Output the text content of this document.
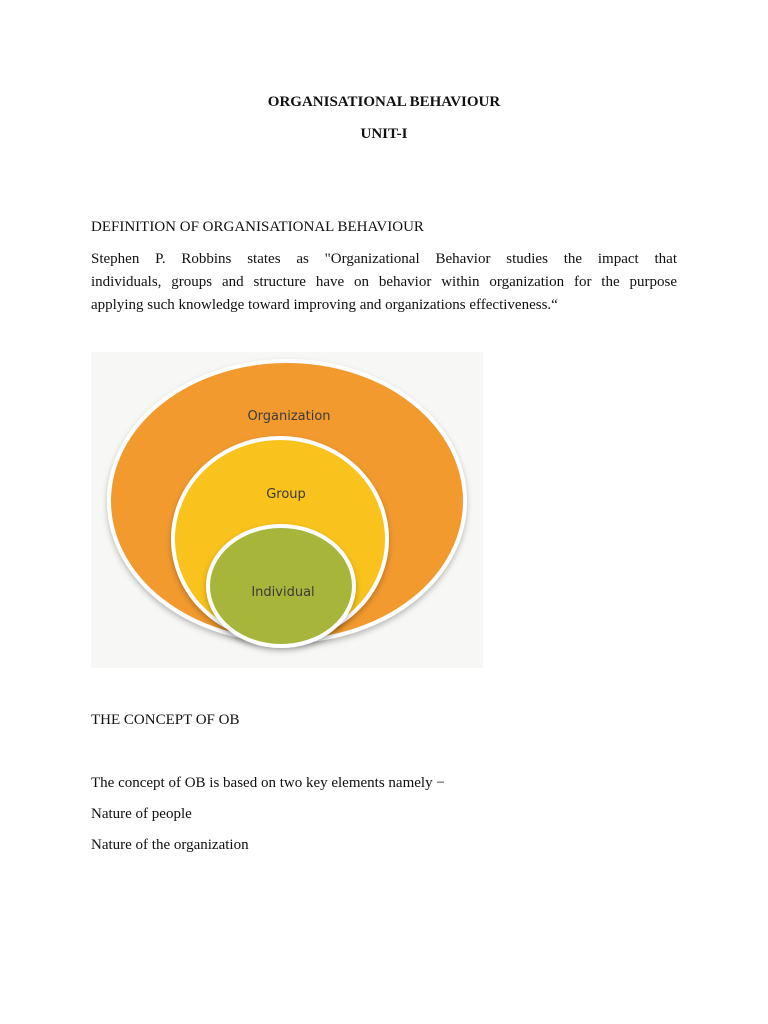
ORGANISATIONAL BEHAVIOUR
UNIT-I
DEFINITION OF ORGANISATIONAL BEHAVIOUR
Stephen P. Robbins states as "Organizational Behavior studies the impact that
individuals, groups and structure have on behavior within organization for the purpose
applying such knowledge toward improving and organizations effectiveness.“
Organization
Group
Individual
THE CONCEPT OF OB
The concept of OB is based on two key elements namely −
Nature of people
Nature of the organization
